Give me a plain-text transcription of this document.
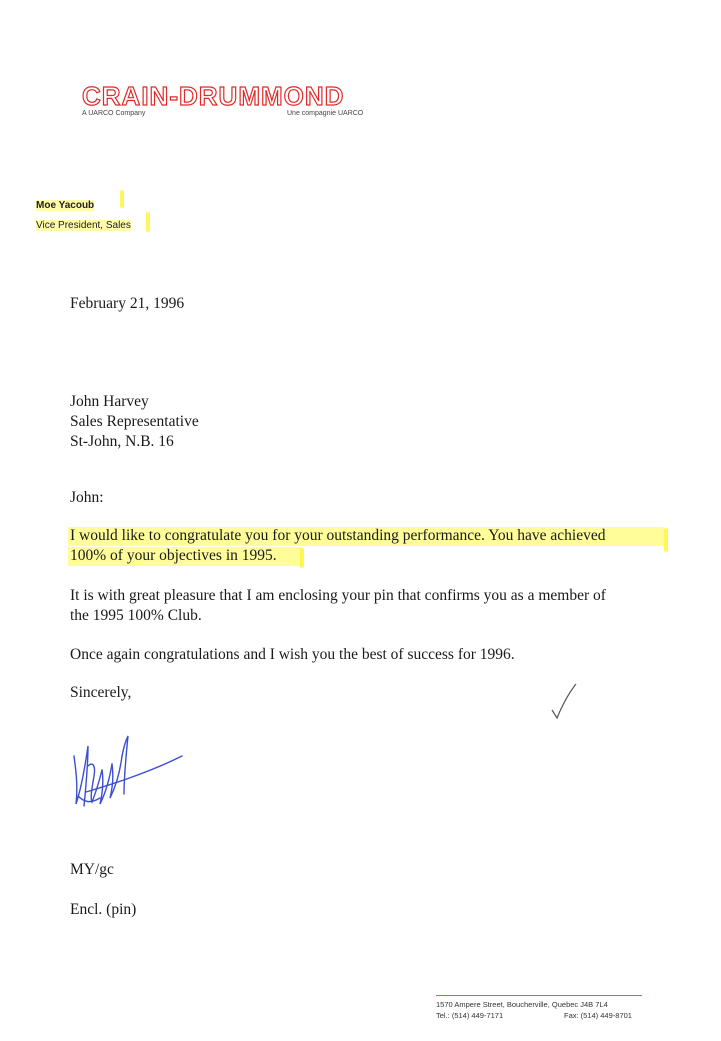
CRAIN-DRUMMOND
A UARCO Company	Une compagnie UARCO
Moe Yacoub
Vice President, Sales
February 21, 1996
John Harvey
Sales Representative
St-John, N.B. 16
John:
I would like to congratulate you for your outstanding performance. You have achieved
100% of your objectives in 1995.
It is with great pleasure that I am enclosing your pin that confirms you as a member of
the 1995 100% Club.
Once again congratulations and I wish you the best of success for 1996.
Sincerely,
MY/gc
Encl. (pin)
1570 Ampere Street, Boucherville, Quebec J4B 7L4
Tel.: (514) 449-7171	Fax: (514) 449-8701
